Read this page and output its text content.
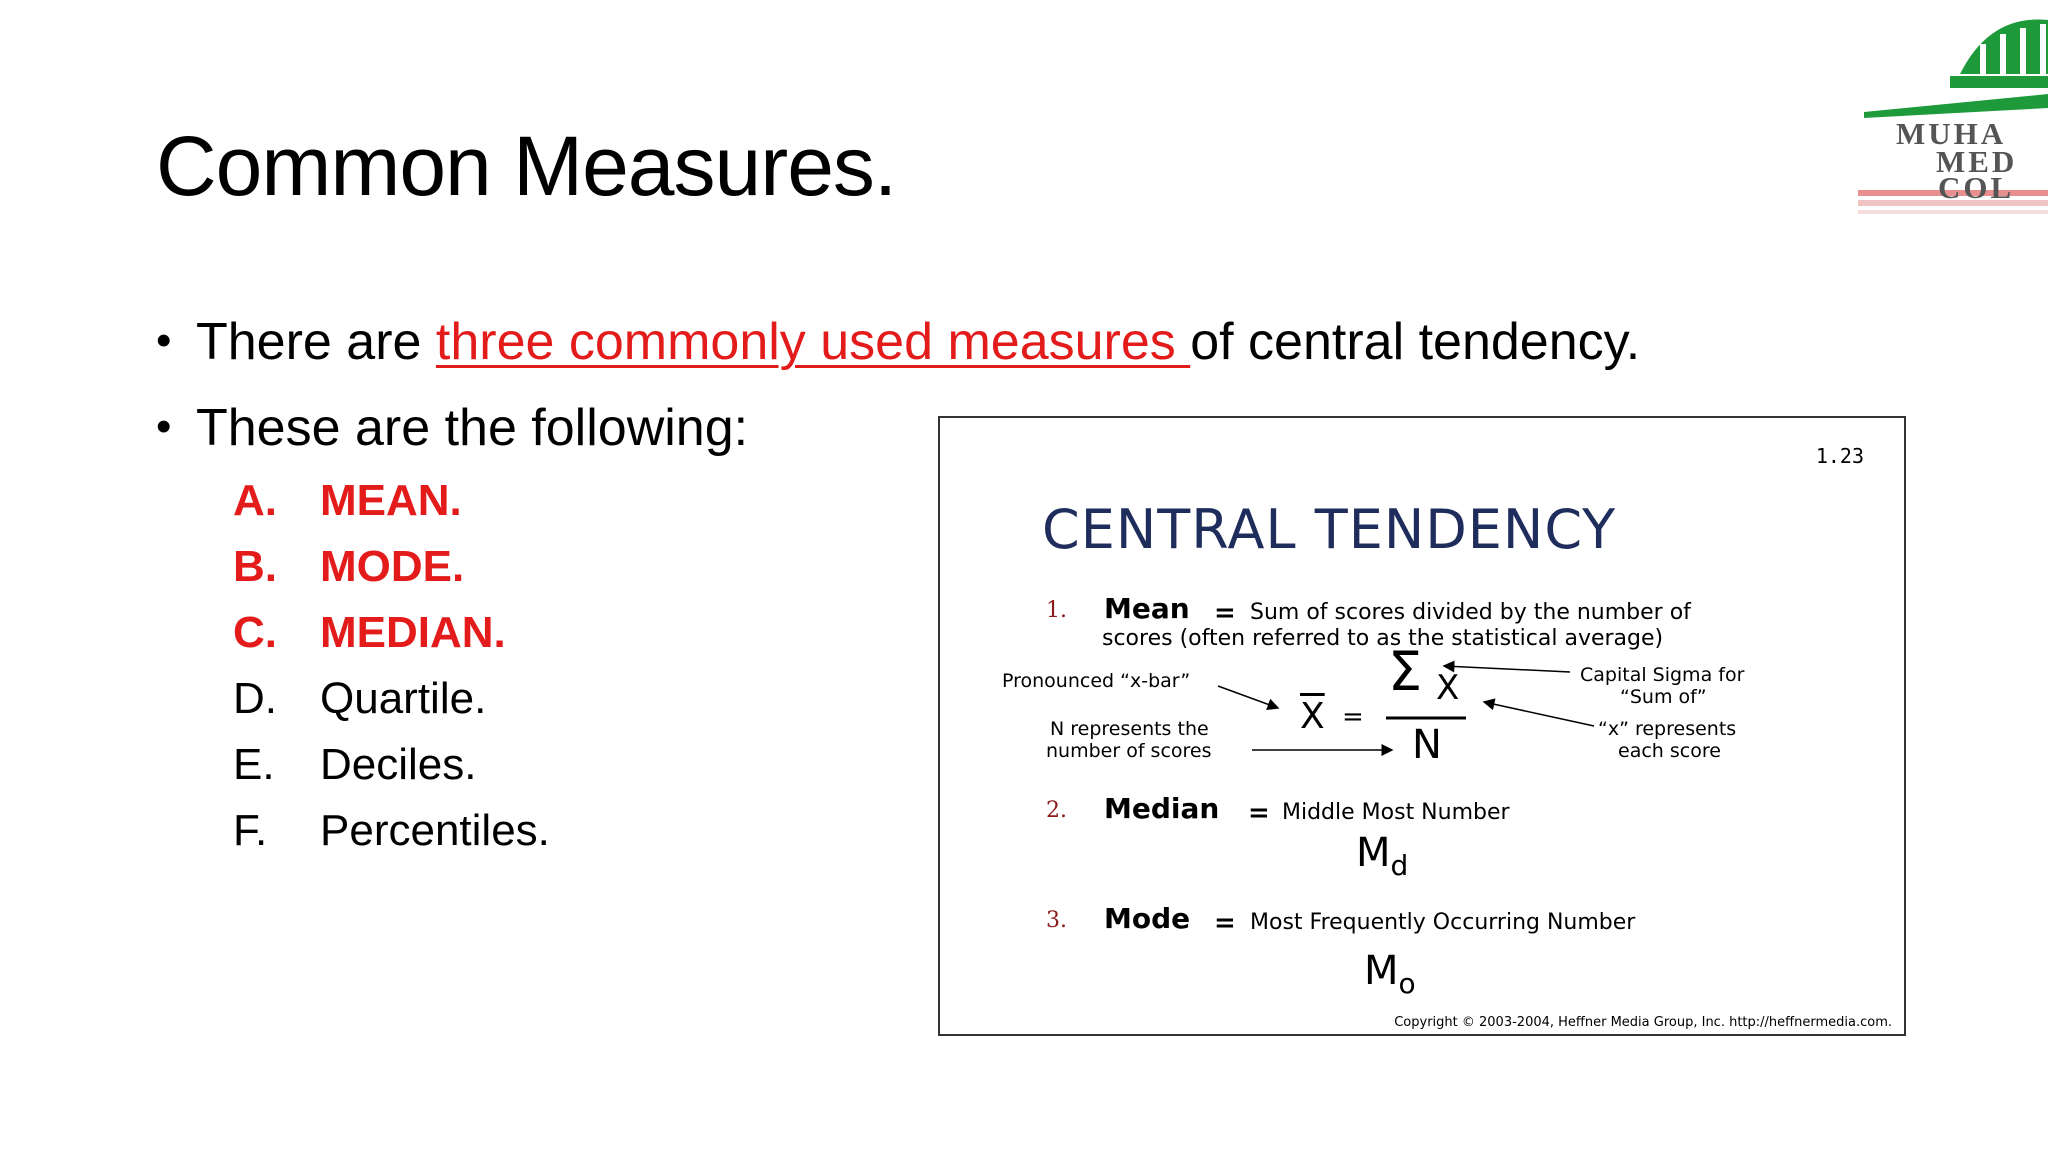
Common Measures.	MUHA
MED
COL
• There are three commonly used measures of central tendency.
• These are the following:
A. MEAN.
B. MODE.
C. MEDIAN.
D. Quartile.
E. Deciles.
F. Percentiles.
1.23
CENTRAL TENDENCY
1. Mean = Sum of scores divided by the number of
scores (often referred to as the statistical average)
Pronounced “x-bar”
N represents the
number of scores
Capital Sigma for
“Sum of”
“x” represents
each score
$\overline{X}$ =
Σ X
N
2. Median = Middle Most Number
$M_d$
3. Mode = Most Frequently Occurring Number
$M_o$
Copyright © 2003-2004, Heffner Media Group, Inc. http://heffnermedia.com.
